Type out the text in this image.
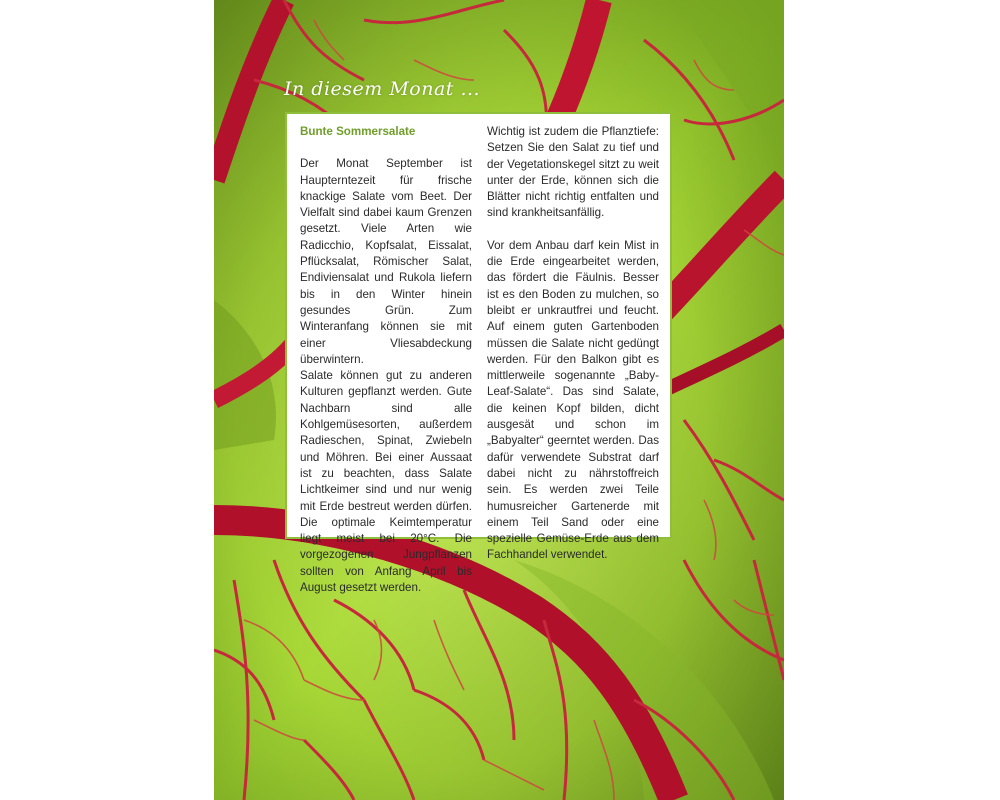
In diesem Monat ...

Bunte Sommersalate

Der Monat September ist Haupterntezeit für frische knackige Salate vom Beet. Der Vielfalt sind dabei kaum Grenzen gesetzt. Viele Arten wie Radicchio, Kopfsalat, Eissalat, Pflücksalat, Römischer Salat, Endiviensalat und Rukola liefern bis in den Winter hinein gesundes Grün. Zum Winteranfang können sie mit einer Vliesabdeckung überwintern.

Salate können gut zu anderen Kulturen gepflanzt werden. Gute Nachbarn sind alle Kohlgemüsesorten, außerdem Radieschen, Spinat, Zwiebeln und Möhren. Bei einer Aussaat ist zu beachten, dass Salate Lichtkeimer sind und nur wenig mit Erde bestreut werden dürfen. Die optimale Keimtemperatur liegt meist bei 20°C. Die vorgezogenen Jungpflanzen sollten von Anfang April bis August gesetzt werden.

Wichtig ist zudem die Pflanztiefe: Setzen Sie den Salat zu tief und der Vegetationskegel sitzt zu weit unter der Erde, können sich die Blätter nicht richtig entfalten und sind krankheitsanfällig.

Vor dem Anbau darf kein Mist in die Erde eingearbeitet werden, das fördert die Fäulnis. Besser ist es den Boden zu mulchen, so bleibt er unkrautfrei und feucht. Auf einem guten Gartenboden müssen die Salate nicht gedüngt werden. Für den Balkon gibt es mittlerweile sogenannte „Baby-Leaf-Salate“. Das sind Salate, die keinen Kopf bilden, dicht ausgesät und schon im „Babyalter“ geerntet werden. Das dafür verwendete Substrat darf dabei nicht zu nährstoffreich sein. Es werden zwei Teile humusreicher Gartenerde mit einem Teil Sand oder eine spezielle Gemüse-Erde aus dem Fachhandel verwendet.
